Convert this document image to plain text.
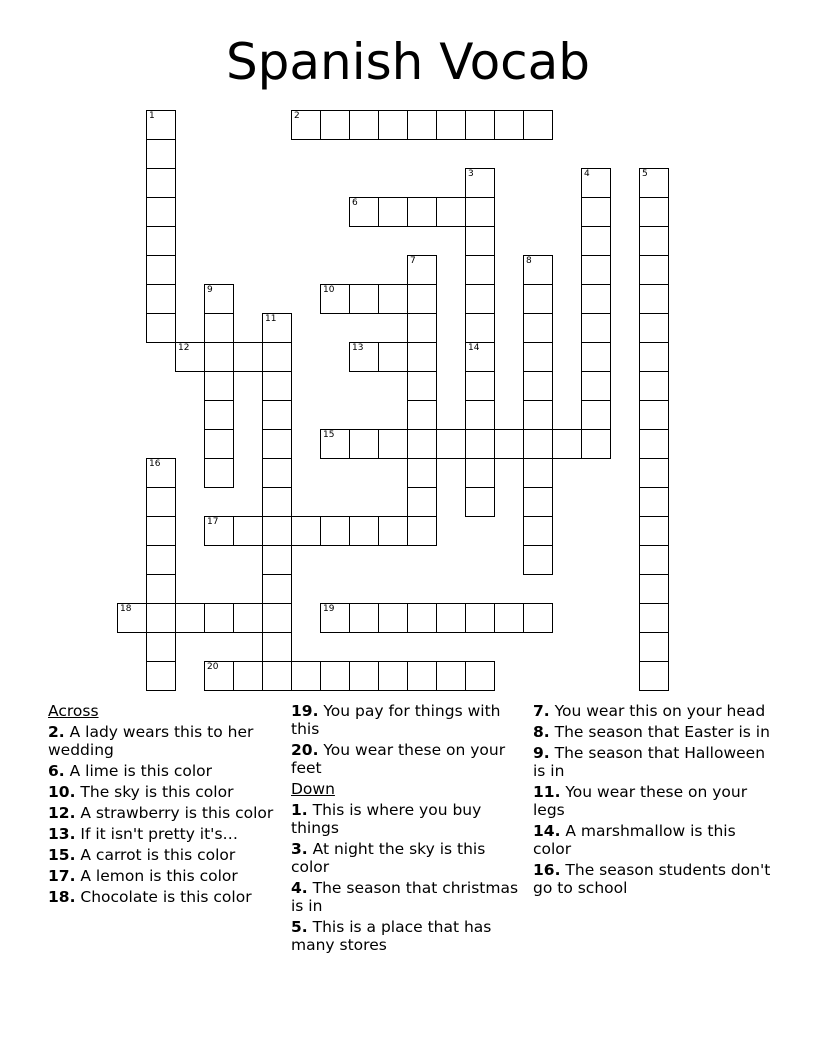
Spanish Vocab
1	2
3	4	5
6
7	8
9	10
11
12	13	14
15
16
17
18	19
20
Across
2. A lady wears this to her wedding
6. A lime is this color
10. The sky is this color
12. A strawberry is this color
13. If it isn't pretty it's…
15. A carrot is this color
17. A lemon is this color
18. Chocolate is this color
19. You pay for things with this
20. You wear these on your feet
Down
1. This is where you buy things
3. At night the sky is this color
4. The season that christmas is in
5. This is a place that has many stores
7. You wear this on your head
8. The season that Easter is in
9. The season that Halloween is in
11. You wear these on your legs
14. A marshmallow is this color
16. The season students don't go to school
